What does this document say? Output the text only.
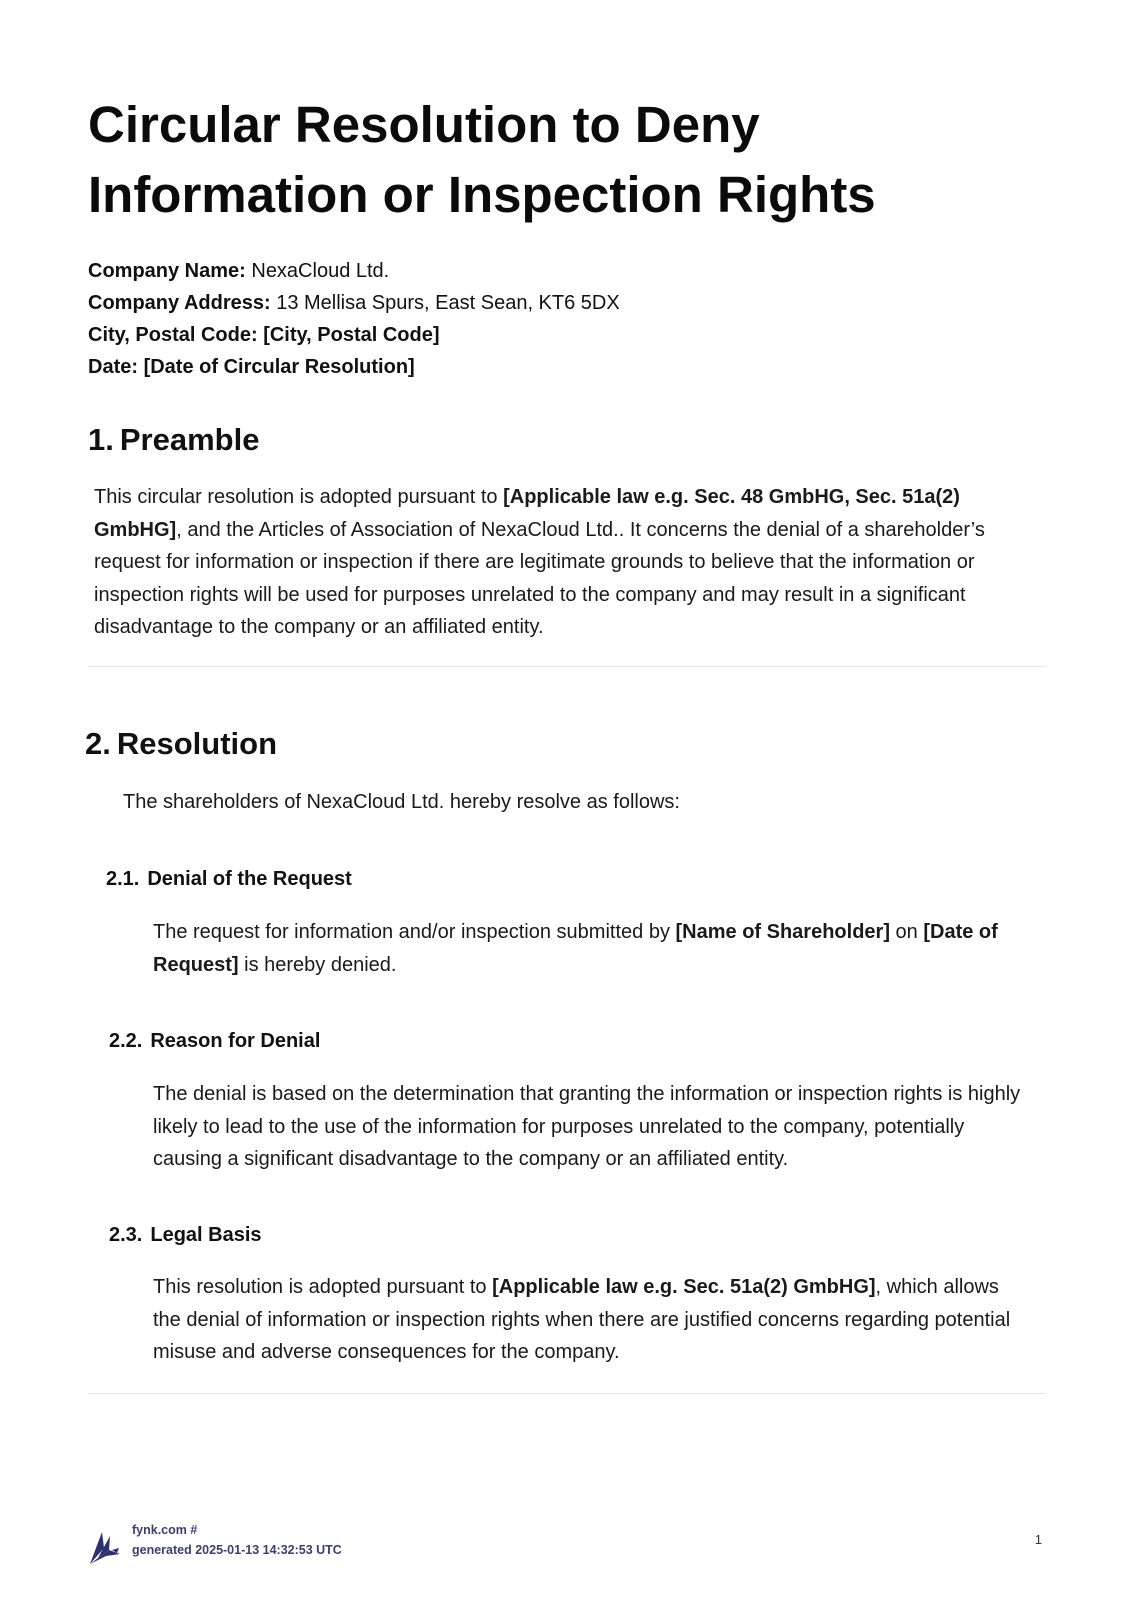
Circular Resolution to Deny
Information or Inspection Rights
Company Name: NexaCloud Ltd.
Company Address: 13 Mellisa Spurs, East Sean, KT6 5DX
City, Postal Code: [City, Postal Code]
Date: [Date of Circular Resolution]
1. Preamble

This circular resolution is adopted pursuant to [Applicable law e.g. Sec. 48 GmbHG, Sec. 51a(2) GmbHG], and the Articles of Association of NexaCloud Ltd.. It concerns the denial of a shareholder’s request for information or inspection if there are legitimate grounds to believe that the information or inspection rights will be used for purposes unrelated to the company and may result in a significant disadvantage to the company or an affiliated entity.

2. Resolution

The shareholders of NexaCloud Ltd. hereby resolve as follows:

2.1. Denial of the Request

The request for information and/or inspection submitted by [Name of Shareholder] on [Date of Request] is hereby denied.

2.2. Reason for Denial

The denial is based on the determination that granting the information or inspection rights is highly likely to lead to the use of the information for purposes unrelated to the company, potentially causing a significant disadvantage to the company or an affiliated entity.

2.3. Legal Basis

This resolution is adopted pursuant to [Applicable law e.g. Sec. 51a(2) GmbHG], which allows the denial of information or inspection rights when there are justified concerns regarding potential misuse and adverse consequences for the company.

fynk.com #
generated 2025-01-13 14:32:53 UTC
1
